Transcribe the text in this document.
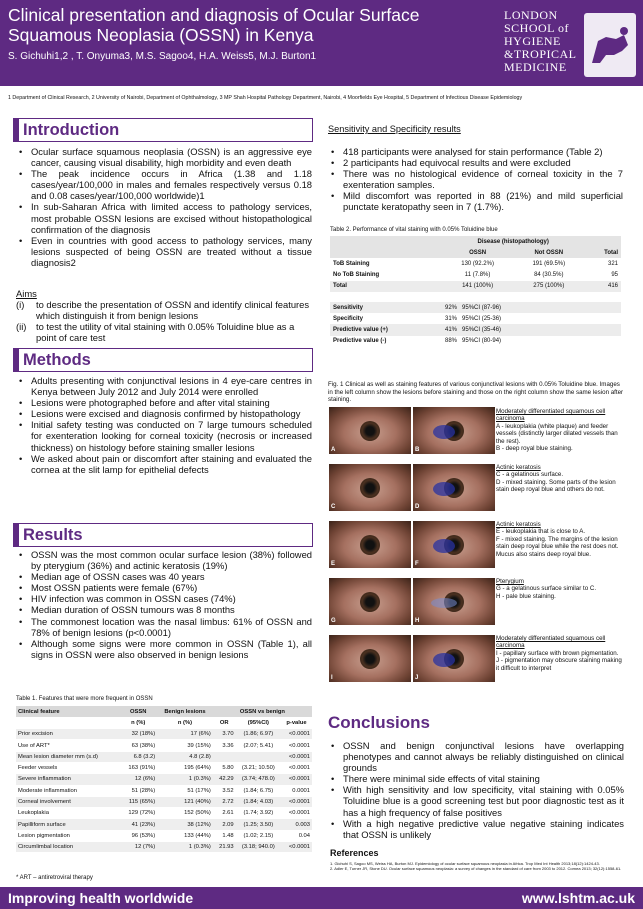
Clinical presentation and diagnosis of Ocular Surface
Squamous Neoplasia (OSSN) in Kenya
S. Gichuhi1,2 , T. Onyuma3, M.S. Sagoo4, H.A. Weiss5, M.J. Burton1
LONDON
SCHOOL of
HYGIENE
&TROPICAL
MEDICINE
1 Department of Clinical Research, 2 University of Nairobi, Department of Ophthalmology, 3 MP Shah Hospital Pathology Department, Nairobi, 4 Moorfields Eye Hospital, 5 Department of Infectious Disease Epidemiology
Introduction
• Ocular surface squamous neoplasia (OSSN) is an aggressive eye cancer, causing visual disability, high morbidity and even death
• The peak incidence occurs in Africa (1.38 and 1.18 cases/year/100,000 in males and females respectively versus 0.18 and 0.08 cases/year/100,000 worldwide)1
• In sub-Saharan Africa with limited access to pathology services, most probable OSSN lesions are excised without histopathological confirmation of the diagnosis
• Even in countries with good access to pathology services, many lesions suspected of being OSSN are treated without a tissue diagnosis2
Aims
(i) to describe the presentation of OSSN and identify clinical features which distinguish it from benign lesions
(ii) to test the utility of vital staining with 0.05% Toluidine blue as a point of care test
Methods
• Adults presenting with conjunctival lesions in 4 eye-care centres in Kenya between July 2012 and July 2014 were enrolled
• Lesions were photographed before and after vital staining
• Lesions were excised and diagnosis confirmed by histopathology
• Initial safety testing was conducted on 7 large tumours scheduled for exenteration looking for corneal toxicity (necrosis or increased thickness) on histology before staining smaller lesions
• We asked about pain or discomfort after staining and evaluated the cornea at the slit lamp for epithelial defects
Results
• OSSN was the most common ocular surface lesion (38%) followed by pterygium (36%) and actinic keratosis (19%)
• Median age of OSSN cases was 40 years
• Most OSSN patients were female (67%)
• HIV infection was common in OSSN cases (74%)
• Median duration of OSSN tumours was 8 months
• The commonest location was the nasal limbus: 61% of OSSN and 78% of benign lesions (p<0.0001)
• Although some signs were more common in OSSN (Table 1), all signs in OSSN were also observed in benign lesions
Table 1. Features that were more frequent in OSSN
Clinical feature	OSSN	Benign lesions	OSSN vs benign		
	n (%)	n (%)	OR	(95%CI)	p-value
Prior excision	32 (18%)	17 (6%)	3.70	(1.86; 6.97)	<0.0001
Use of ART*	63 (38%)	39 (15%)	3.36	(2.07; 5.41)	<0.0001
Mean lesion diameter mm (s.d)	6.8 (3.2)	4.8 (2.8)			<0.0001
Feeder vessels	163 (91%)	195 (64%)	5.80	(3.21; 10.50)	<0.0001
Severe inflammation	12 (6%)	1 (0.3%)	42.29	(3.74; 478.0)	<0.0001
Moderate inflammation	51 (28%)	51 (17%)	3.52	(1.84; 6.75)	0.0001
Corneal involvement	115 (65%)	121 (40%)	2.72	(1.84; 4.03)	<0.0001
Leukoplakia	129 (72%)	152 (50%)	2.61	(1.74; 3.92)	<0.0001
Papilliform surface	41 (23%)	38 (12%)	2.09	(1.25; 3.50)	0.003
Lesion pigmentation	96 (53%)	133 (44%)	1.48	(1.02; 2.15)	0.04
Circumlimbal location	12 (7%)	1 (0.3%)	21.93	(3.18; 940.0)	<0.0001
* ART – antiretroviral therapy
Sensitivity and Specificity results
• 418 participants were analysed for stain performance (Table 2)
• 2 participants had equivocal results and were excluded
• There was no histological evidence of corneal toxicity in the 7 exenteration samples.
• Mild discomfort was reported in 88 (21%) and mild superficial punctate keratopathy seen in 7 (1.7%).
Table 2. Performance of vital staining with 0.05% Toluidine blue
	Disease (histopathology)		
	OSSN	Not OSSN	Total
ToB Staining	130 (92.2%)	191 (69.5%)	321
No ToB Staining	11 (7.8%)	84 (30.5%)	95
Total	141 (100%)	275 (100%)	416

Sensitivity	92% 95%CI (87-96)		
Specificity	31% 95%CI (25-36)		
Predictive value (+)	41% 95%CI (35-46)		
Predictive value (-)	88% 95%CI (80-94)		
Fig. 1 Clinical as well as staining features of various conjunctival lesions with 0.05% Toluidine blue. Images in the left column show the lesions before staining and those on the right column show the same lesion after staining.
A	B
C	D
E	F
G	H
I	J
Moderately differentiated squamous cell carcinoma
A - leukoplakia (white plaque) and feeder vessels (distinctly larger dilated vessels than the rest).
B - deep royal blue staining.
Actinic keratosis
C - a gelatinous surface.
D - mixed staining. Some parts of the lesion stain deep royal blue and others do not.
Actinic keratosis
E - leukoplakia that is close to A.
F - mixed staining. The margins of the lesion stain deep royal blue while the rest does not. Mucus also stains deep royal blue.
Pterygium
G - a gelatinous surface similar to C.
H - pale blue staining.
Moderately differentiated squamous cell carcinoma
I - papillary surface with brown pigmentation.
J - pigmentation may obscure staining making it difficult to interpret
Conclusions
• OSSN and benign conjunctival lesions have overlapping phenotypes and cannot always be reliably distinguished on clinical grounds
• There were minimal side effects of vital staining
• With high sensitivity and low specificity, vital staining with 0.05% Toluidine blue is a good screening test but poor diagnostic test as it has a high frequency of false positives
• With a high negative predictive value negative staining indicates that OSSN is unlikely
References
1. Gichuhi S, Sagoo MS, Weiss HA, Burton MJ. Epidemiology of ocular surface squamous neoplasia in Africa. Trop Med Int Health 2013;18(12):1424-43.
2. Adler E, Turner JR, Stone DU. Ocular surface squamous neoplasia: a survey of changes in the standard of care from 2003 to 2012. Cornea 2013; 32(12):1558-61.
Improving health worldwide	www.lshtm.ac.uk
